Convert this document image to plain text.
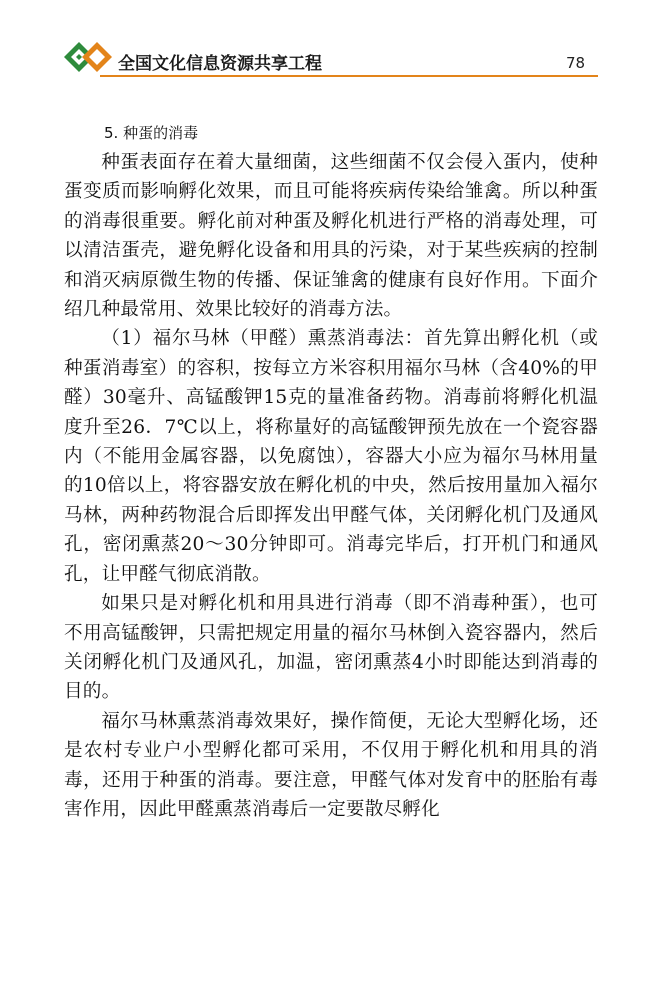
全国文化信息资源共享工程	78
5. 种蛋的消毒

种蛋表面存在着大量细菌，这些细菌不仅会侵入蛋内，使种蛋变质而影响孵化效果，而且可能将疾病传染给雏禽。所以种蛋的消毒很重要。孵化前对种蛋及孵化机进行严格的消毒处理，可以清洁蛋壳，避免孵化设备和用具的污染，对于某些疾病的控制和消灭病原微生物的传播、保证雏禽的健康有良好作用。下面介绍几种最常用、效果比较好的消毒方法。

（1）福尔马林（甲醛）熏蒸消毒法：首先算出孵化机（或种蛋消毒室）的容积，按每立方米容积用福尔马林（含40%的甲醛）30毫升、高锰酸钾15克的量准备药物。消毒前将孵化机温度升至26．7℃以上，将称量好的高锰酸钾预先放在一个瓷容器内（不能用金属容器，以免腐蚀），容器大小应为福尔马林用量的10倍以上，将容器安放在孵化机的中央，然后按用量加入福尔马林，两种药物混合后即挥发出甲醛气体，关闭孵化机门及通风孔，密闭熏蒸20～30分钟即可。消毒完毕后，打开机门和通风孔，让甲醛气彻底消散。

如果只是对孵化机和用具进行消毒（即不消毒种蛋），也可不用高锰酸钾，只需把规定用量的福尔马林倒入瓷容器内，然后关闭孵化机门及通风孔，加温，密闭熏蒸4小时即能达到消毒的目的。

福尔马林熏蒸消毒效果好，操作简便，无论大型孵化场，还是农村专业户小型孵化都可采用，不仅用于孵化机和用具的消毒，还用于种蛋的消毒。要注意，甲醛气体对发育中的胚胎有毒害作用，因此甲醛熏蒸消毒后一定要散尽孵化
